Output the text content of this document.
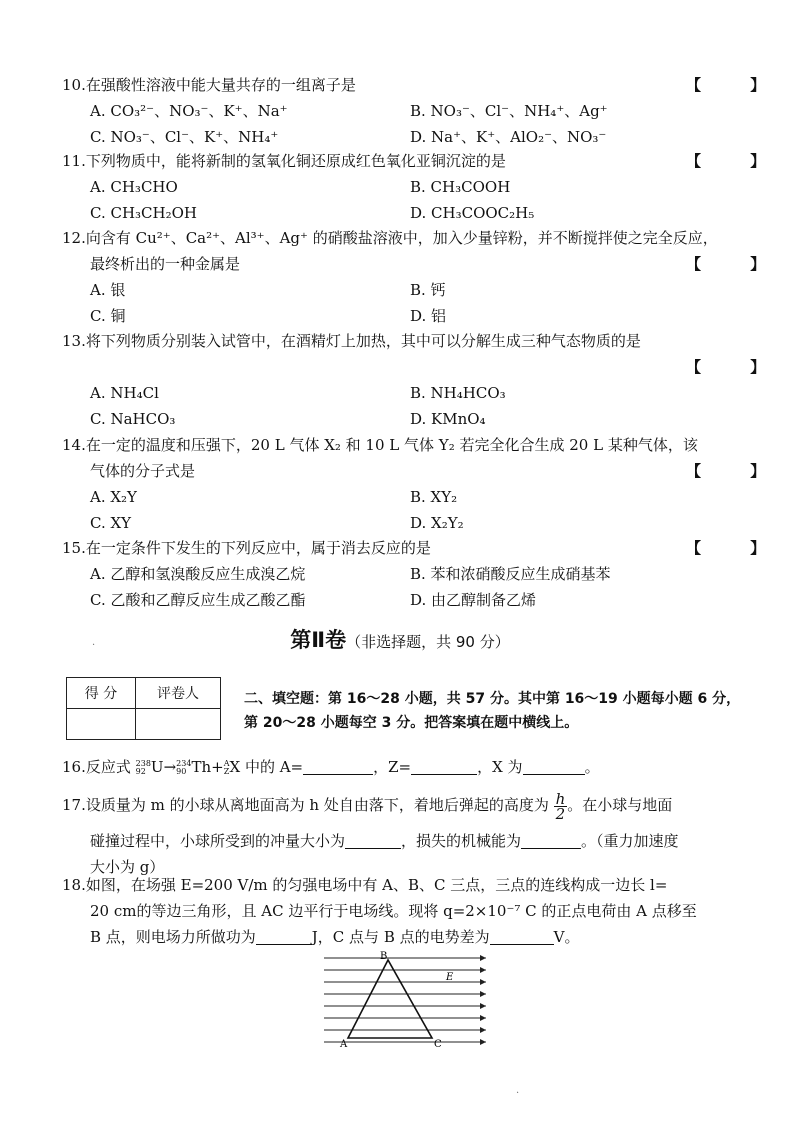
10.在强酸性溶液中能大量共存的一组离子是	【 】
A. CO₃²⁻、NO₃⁻、K⁺、Na⁺	B. NO₃⁻、Cl⁻、NH₄⁺、Ag⁺
C. NO₃⁻、Cl⁻、K⁺、NH₄⁺	D. Na⁺、K⁺、AlO₂⁻、NO₃⁻
11.下列物质中，能将新制的氢氧化铜还原成红色氧化亚铜沉淀的是	【 】
A. CH₃CHO	B. CH₃COOH
C. CH₃CH₂OH	D. CH₃COOC₂H₅
12.向含有 Cu²⁺、Ca²⁺、Al³⁺、Ag⁺ 的硝酸盐溶液中，加入少量锌粉，并不断搅拌使之完全反应，
最终析出的一种金属是	【 】
A. 银	B. 钙
C. 铜	D. 铝
13.将下列物质分别装入试管中，在酒精灯上加热，其中可以分解生成三种气态物质的是
【 】
A. NH₄Cl	B. NH₄HCO₃
C. NaHCO₃	D. KMnO₄
14.在一定的温度和压强下，20 L 气体 X₂ 和 10 L 气体 Y₂ 若完全化合生成 20 L 某种气体，该
气体的分子式是	【 】
A. X₂Y	B. XY₂
C. XY	D. X₂Y₂
15.在一定条件下发生的下列反应中，属于消去反应的是	【 】
A. 乙醇和氢溴酸反应生成溴乙烷	B. 苯和浓硝酸反应生成硝基苯
C. 乙酸和乙醇反应生成乙酸乙酯	D. 由乙醇制备乙烯
第Ⅱ卷（非选择题，共 90 分）
得 分	评卷人
		二、填空题：第 16～28 小题，共 57 分。其中第 16～19 小题每小题 6 分，第 20～28 小题每空 3 分。把答案填在题中横线上。
16.反应式 238
92 U→ 234
90 Th+ A
Z X 中的 A=	，Z=	，X 为	。
17.设质量为 m 的小球从离地面高为 h 处自由落下，着地后弹起的高度为 $\frac{h}{2}$ 。在小球与地面
碰撞过程中，小球所受到的冲量大小为	，损失的机械能为	。（重力加速度
大小为 g）
18.如图，在场强 E=200 V/m 的匀强电场中有 A、B、C 三点，三点的连线构成一边长 l=
20 cm的等边三角形，且 AC 边平行于电场线。现将 q=2×10⁻⁷ C 的正点电荷由 A 点移至
B 点，则电场力所做功为	J，C 点与 B 点的电势差为	V。
B
A	C
E
·
·
